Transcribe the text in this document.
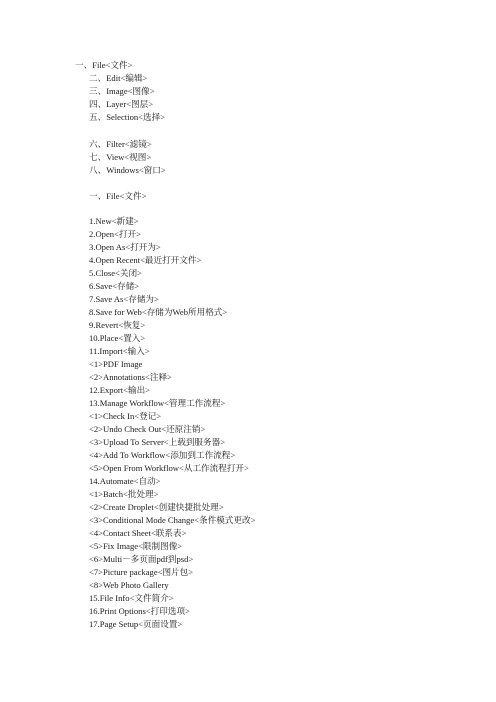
一、File<文件>
二、Edit<编辑>
三、Image<图像>
四、Layer<图层>
五、Selection<选择>
六、Filter<滤镜>
七、View<视图>
八、Windows<窗口>
一、File<文件>
1.New<新建>
2.Open<打开>
3.Open As<打开为>
4.Open Recent<最近打开文件>
5.Close<关闭>
6.Save<存储>
7.Save As<存储为>
8.Save for Web<存储为Web所用格式>
9.Revert<恢复>
10.Place<置入>
11.Import<输入>
<1>PDF Image
<2>Annotations<注释>
12.Export<输出>
13.Manage Workflow<管理工作流程>
<1>Check In<登记>
<2>Undo Check Out<还原注销>
<3>Upload To Server<上载到服务器>
<4>Add To Workflow<添加到工作流程>
<5>Open From Workflow<从工作流程打开>
14.Automate<自动>
<1>Batch<批处理>
<2>Create Droplet<创建快捷批处理>
<3>Conditional Mode Change<条件模式更改>
<4>Contact Sheet<联系表>
<5>Fix Image<限制图像>
<6>Multi－多页面pdf到psd>
<7>Picture package<图片包>
<8>Web Photo Gallery
15.File Info<文件简介>
16.Print Options<打印选项>
17.Page Setup<页面设置>
